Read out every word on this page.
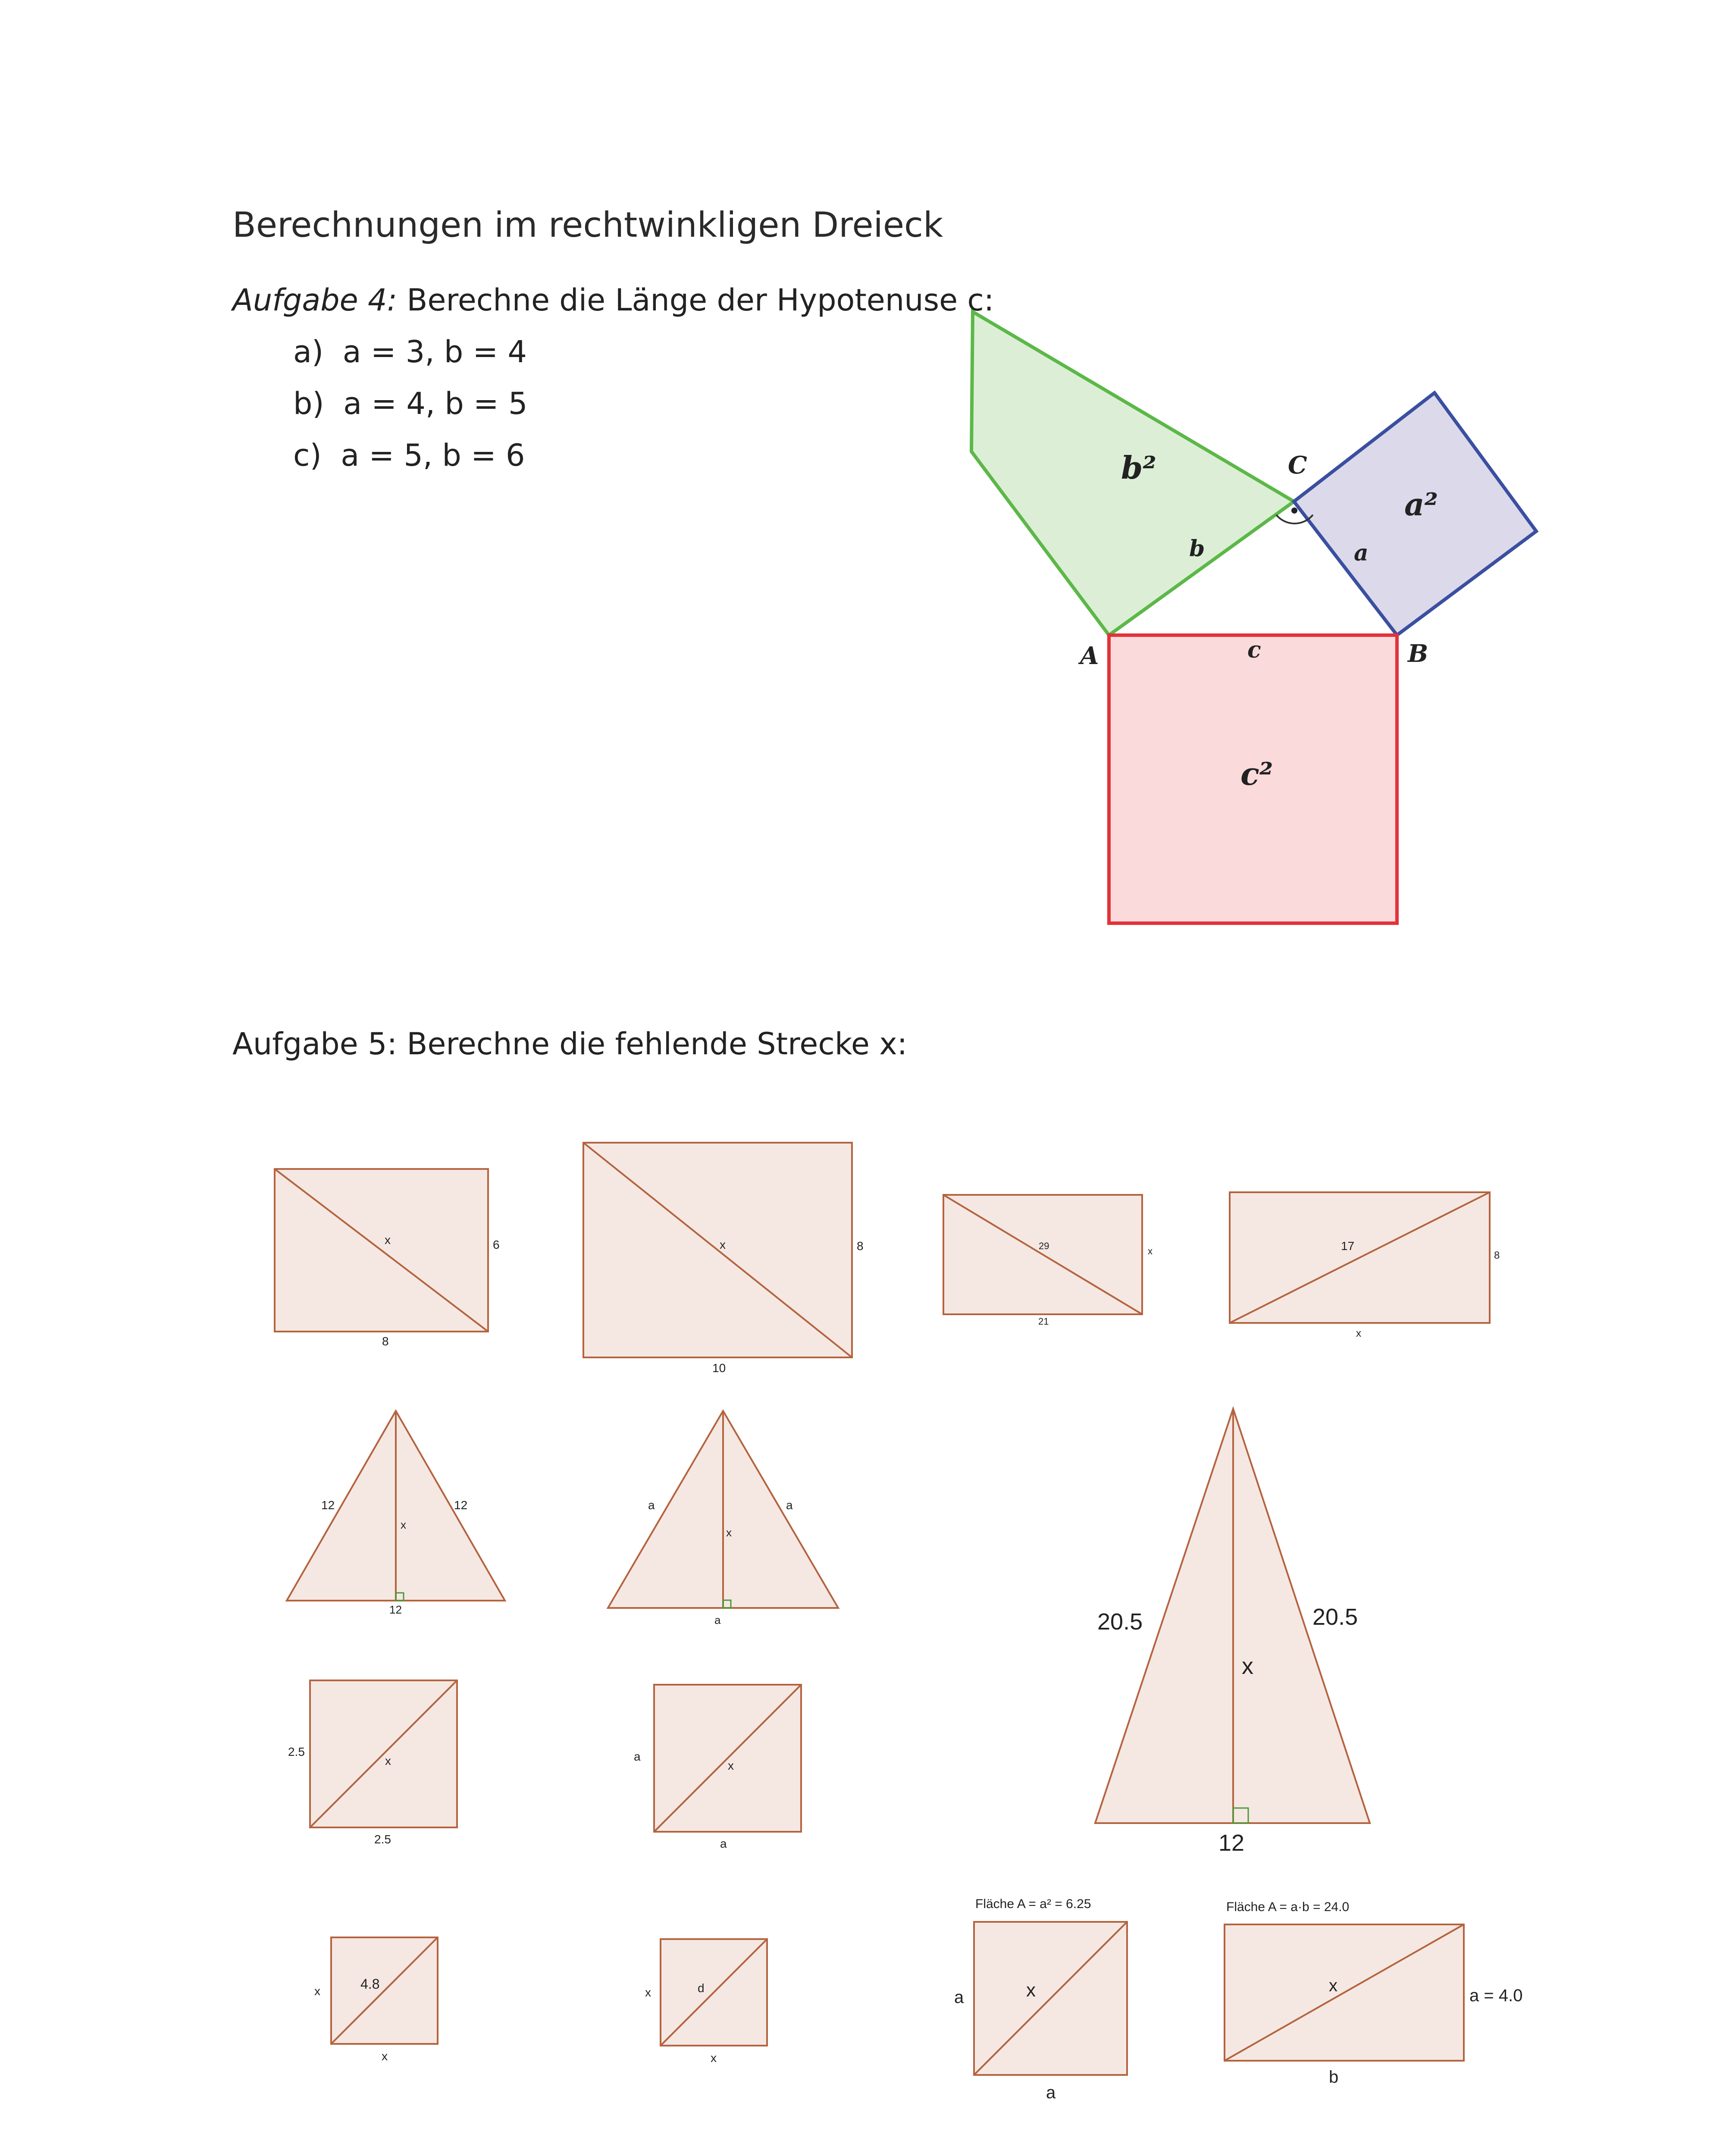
Berechnungen im rechtwinkligen Dreieck
Aufgabe 4: Berechne die Länge der Hypotenuse c:
a) a = 3, b = 4
b) a = 4, b = 5
c) a = 5, b = 6
Aufgabe 5: Berechne die fehlende Strecke x:
b²
a²
c²
b	a
c
A	B
C
x	6
8
x	8
10
29	x
21
17
8
x
12	12
x
12
a	a
x
a	20.5	20.5
x
12
2.5
x
2.5
a
x
a
x	4.8
x
x	d
x
Fläche A = a² = 6.25
a	x
a
Fläche A = a·b = 24.0
x
a = 4.0
b
